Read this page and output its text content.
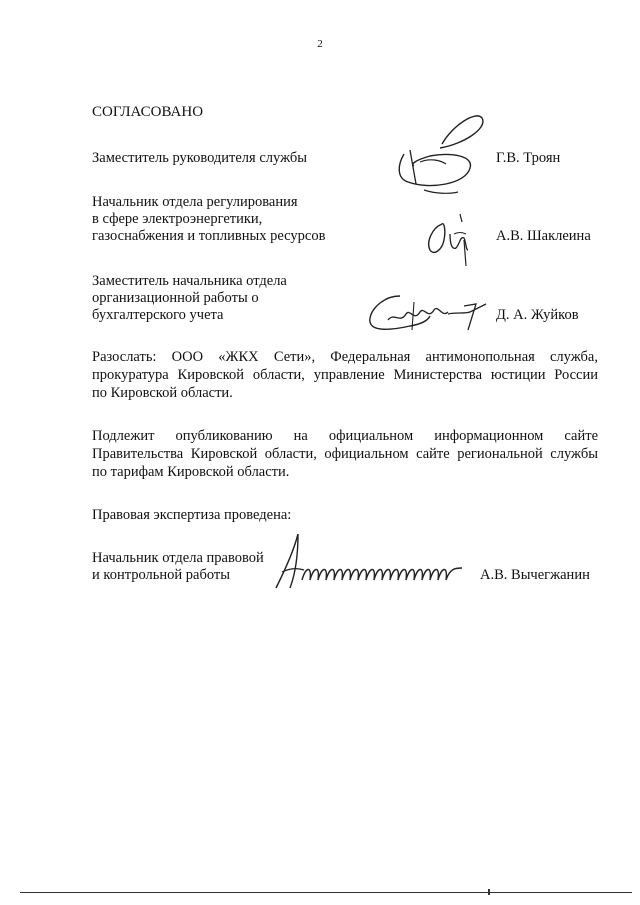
2
СОГЛАСОВАНО
Заместитель руководителя службы	Г.В. Троян
Начальник отдела регулирования
в сфере электроэнергетики,
газоснабжения и топливных ресурсов	А.В. Шаклеина
Заместитель начальника отдела
организационной работы о
бухгалтерского учета	Д. А. Жуйков
Разослать: ООО «ЖКХ Сети», Федеральная антимонопольная служба,
прокуратура Кировской области, управление Министерства юстиции России
по Кировской области.
Подлежит опубликованию на официальном информационном сайте
Правительства Кировской области, официальном сайте региональной службы
по тарифам Кировской области.
Правовая экспертиза проведена:
Начальник отдела правовой
и контрольной работы	А.В. Вычегжанин
